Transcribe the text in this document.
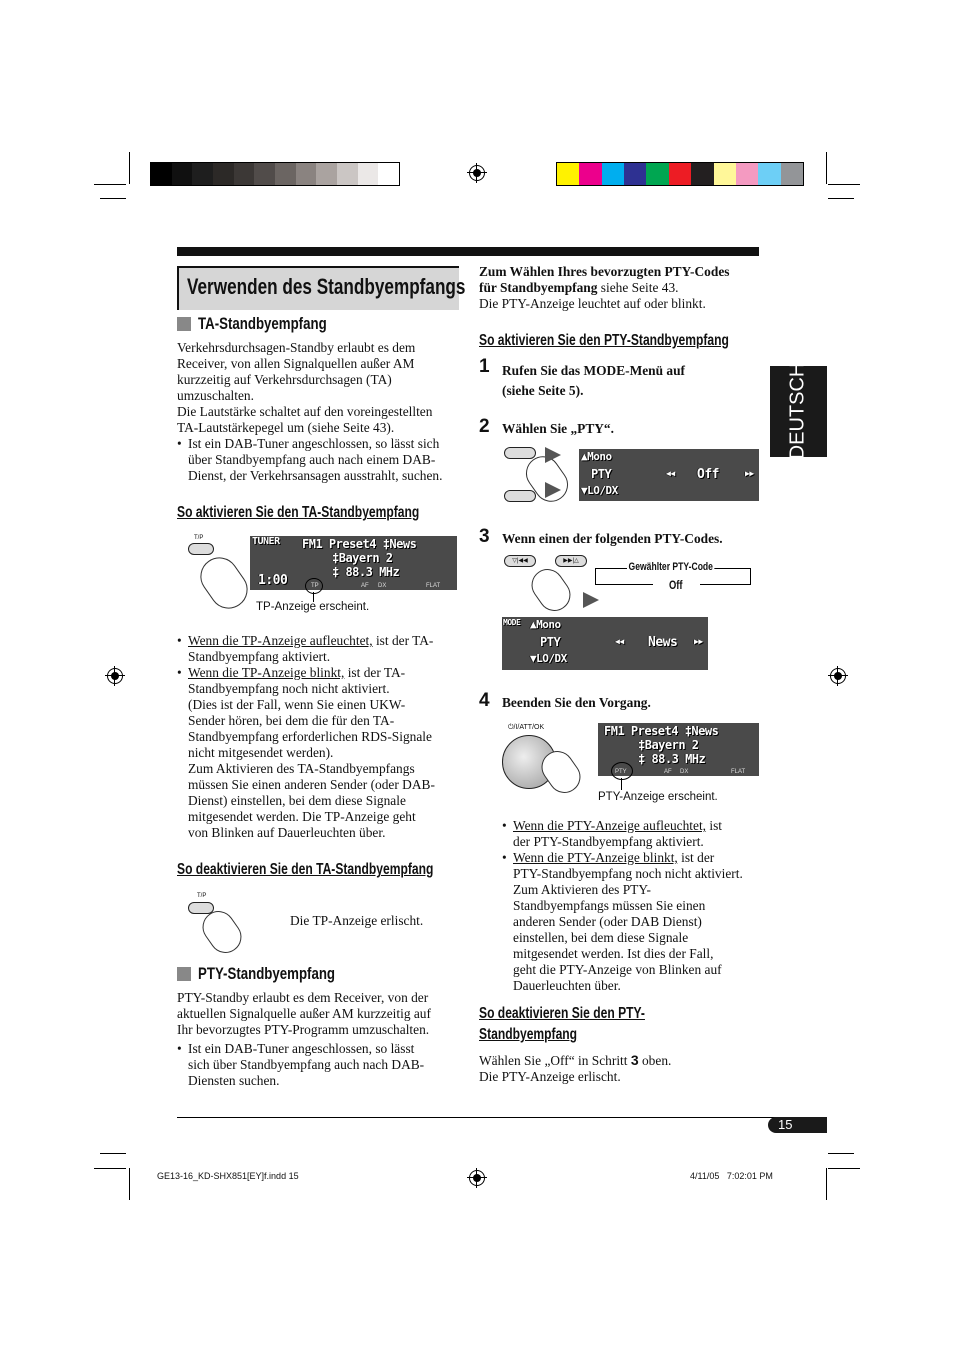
Verwenden des Standbyempfangs
DEUTSCH
TA-Standbyempfang
Verkehrsdurchsagen-Standby erlaubt es dem
Receiver, von allen Signalquellen außer AM
kurzzeitig auf Verkehrsdurchsagen (TA)
umzuschalten.
Die Lautstärke schaltet auf den voreingestellten
TA-Lautstärkepegel um (siehe Seite 43).
• Ist ein DAB-Tuner angeschlossen, so lässt sich
über Standbyempfang auch nach einem DAB-
Dienst, der Verkehrsansagen ausstrahlt, suchen.
So aktivieren Sie den TA-Standbyempfang
T/P	TUNER FM1 Preset4 ‡News
‡Bayern 2
1:00
‡ 88.3 MHz
TP	AF DX	FLAT
TP-Anzeige erscheint.
• Wenn die TP-Anzeige aufleuchtet, ist der TA-
Standbyempfang aktiviert.
• Wenn die TP-Anzeige blinkt, ist der TA-
Standbyempfang noch nicht aktiviert.
(Dies ist der Fall, wenn Sie einen UKW-
Sender hören, bei dem die für den TA-
Standbyempfang erforderlichen RDS-Signale
nicht mitgesendet werden).
Zum Aktivieren des TA-Standbyempfangs
müssen Sie einen anderen Sender (oder DAB-
Dienst) einstellen, bei dem diese Signale
mitgesendet werden. Die TP-Anzeige geht
von Blinken auf Dauerleuchten über.
So deaktivieren Sie den TA-Standbyempfang
T/P
Die TP-Anzeige erlischt.
PTY-Standbyempfang
PTY-Standby erlaubt es dem Receiver, von der
aktuellen Signalquelle außer AM kurzzeitig auf
Ihr bevorzugtes PTY-Programm umzuschalten.
• Ist ein DAB-Tuner angeschlossen, so lässt
sich über Standbyempfang auch nach DAB-
Diensten suchen.
Zum Wählen Ihres bevorzugten PTY-Codes
für Standbyempfang siehe Seite 43.
Die PTY-Anzeige leuchtet auf oder blinkt.
So aktivieren Sie den PTY-Standbyempfang
1 Rufen Sie das MODE-Menü auf
(siehe Seite 5).
2 Wählen Sie „PTY“.
▲Mono
PTY
▼LO/DX
◀◀ Off	▶▶
3 Wenn einen der folgenden PTY-Codes.
▽|◀◀	▶▶|△	Gewählter PTY-Code
Off
MODE ▲Mono
PTY
▼LO/DX
◀◀ News ▶▶
4 Beenden Sie den Vorgang.
⏻/I/ATT/OK	FM1 Preset4 ‡News
‡Bayern 2
‡ 88.3 MHz
PTY	AF DX	FLAT
PTY-Anzeige erscheint.
• Wenn die PTY-Anzeige aufleuchtet, ist
der PTY-Standbyempfang aktiviert.
• Wenn die PTY-Anzeige blinkt, ist der
PTY-Standbyempfang noch nicht aktiviert.
Zum Aktivieren des PTY-
Standbyempfangs müssen Sie einen
anderen Sender (oder DAB Dienst)
einstellen, bei dem diese Signale
mitgesendet werden. Ist dies der Fall,
geht die PTY-Anzeige von Blinken auf
Dauerleuchten über.
So deaktivieren Sie den PTY-
Standbyempfang
Wählen Sie „Off“ in Schritt 3 oben.
Die PTY-Anzeige erlischt.
15
GE13-16_KD-SHX851[EY]f.indd 15	4/11/05   7:02:01 PM
